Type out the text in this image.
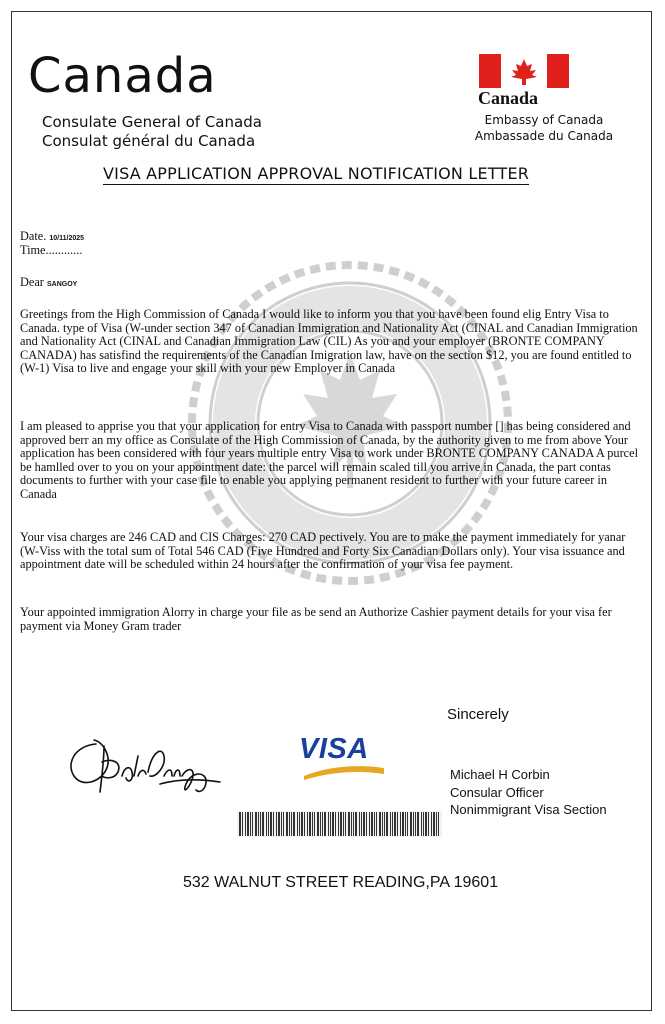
Canada
Consulate General of Canada
Consulat général du Canada
Canada
Embassy of Canada
Ambassade du Canada
VISA APPLICATION APPROVAL NOTIFICATION LETTER
Date. 10/11/2025
Time............
Dear SANGOY
Greetings from the High Commission of Canada I would like to inform you that you have been found elig Entry Visa to Canada. type of Visa (W-under section 347 of Canadian Immigration and Nationality Act (CINAL and Canadian Immigration and Nationality Act (CINAL and Canadian Immigration Law (CIL) As you and your employer (BRONTE COMPANY CANADA) has satisfind the requirements of the Canadian Imigration law, have on the section $12, you are found entitled to (W-1) Visa to live and engage your skill with your new Employer in Canada
I am pleased to apprise you that your application for entry Visa to Canada with passport number [] has being considered and approved berr an my office as Consulate of the High Commission of Canada, by the authority given to me from above Your application has been considered with four years multiple entry Visa to work under BRONTE COMPANY CANADA A purcel be hamlled over to you on your appointment date: the parcel will remain scaled till you arrive in Canada, the part contas documents to further with your case file to enable you applying permanent resident to further with your future career in Canada
Your visa charges are 246 CAD and CIS Charges: 270 CAD pectively. You are to make the payment immediately for yanar (W-Viss with the total sum of Total 546 CAD (Five Hundred and Forty Six Canadian Dollars only). Your visa issuance and appointment date will be scheduled within 24 hours after the confirmation of your visa fee payment.
Your appointed immigration Alorry in charge your file as be send an Authorize Cashier payment details for your visa fer payment via Money Gram trader
Sincerely
VISA
Michael H Corbin
Consular Officer
Nonimmigrant Visa Section
532 WALNUT STREET READING,PA 19601
